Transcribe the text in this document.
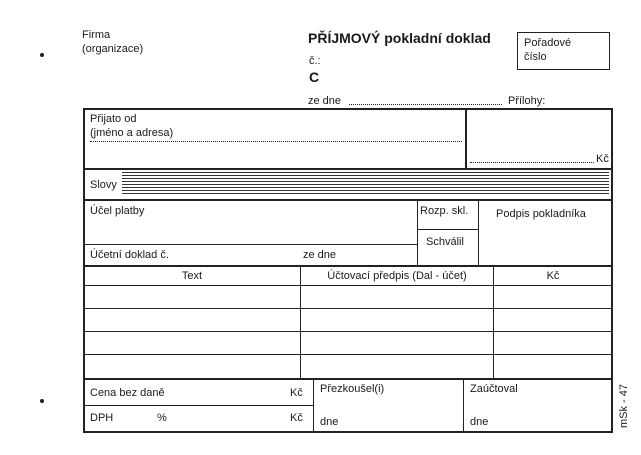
Firma
(organizace)
PŘÍJMOVÝ pokladní doklad
č.:
C
ze dne	Přílohy:
Pořadové
číslo
Přijato od
(jméno a adresa)
Kč
Slovy
Účel platby
Účetní doklad č.	ze dne
Rozp. skl.
Schválil
Podpis pokladníka
Text	Účtovací předpis (Dal - účet)	Kč
Cena bez daně	Kč
DPH	%	Kč
Přezkoušel(i)
dne
Zaúčtoval
dne	mSk - 47
